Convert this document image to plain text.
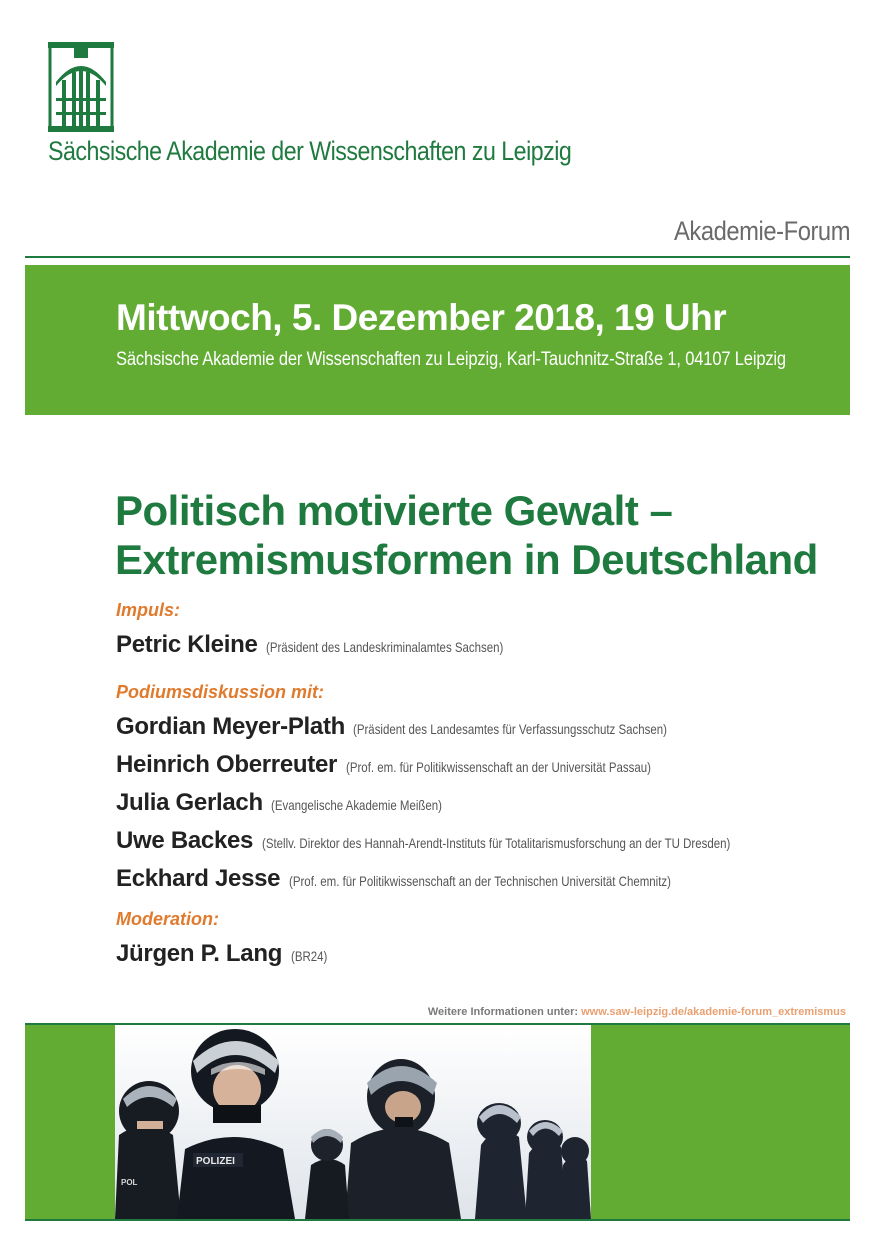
Sächsische Akademie der Wissenschaften zu Leipzig
Akademie-Forum
Mittwoch, 5. Dezember 2018, 19 Uhr
Sächsische Akademie der Wissenschaften zu Leipzig, Karl-Tauchnitz-Straße 1, 04107 Leipzig
Politisch motivierte Gewalt –
Extremismusformen in Deutschland
Impuls:
Petric Kleine (Präsident des Landeskriminalamtes Sachsen)
Podiumsdiskussion mit:
Gordian Meyer-Plath (Präsident des Landesamtes für Verfassungsschutz Sachsen)
Heinrich Oberreuter (Prof. em. für Politikwissenschaft an der Universität Passau)
Julia Gerlach (Evangelische Akademie Meißen)
Uwe Backes (Stellv. Direktor des Hannah-Arendt-Instituts für Totalitarismusforschung an der TU Dresden)
Eckhard Jesse (Prof. em. für Politikwissenschaft an der Technischen Universität Chemnitz)
Moderation:
Jürgen P. Lang (BR24)
Weitere Informationen unter: www.saw-leipzig.de/akademie-forum_extremismus
POLIZEI
POL
